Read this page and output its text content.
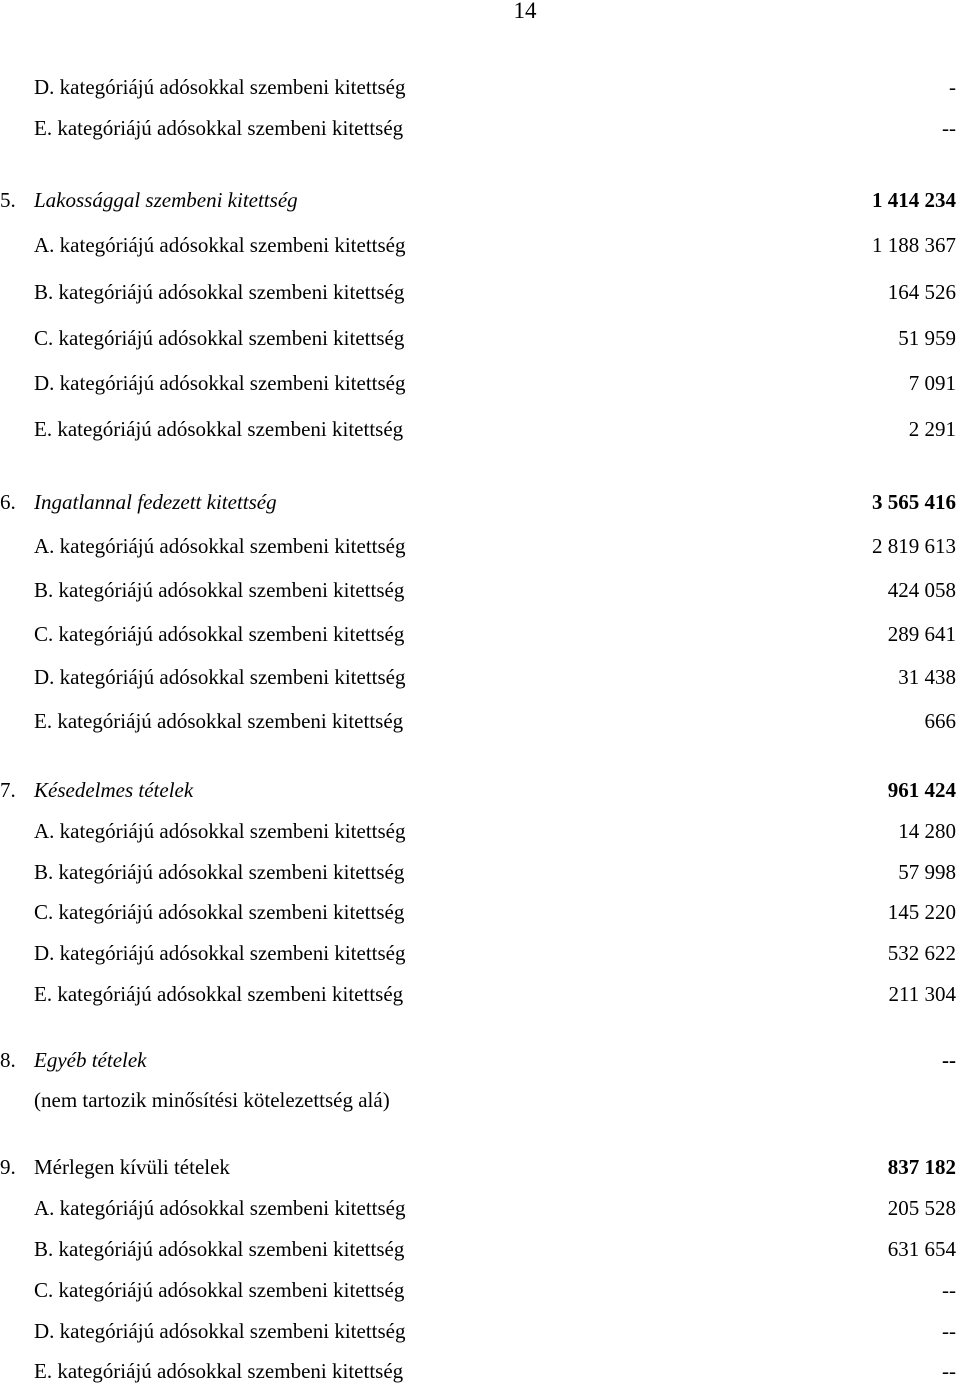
14
D. kategóriájú adósokkal szembeni kitettség	-
E. kategóriájú adósokkal szembeni kitettség	--
5. Lakossággal szembeni kitettség	1 414 234
A. kategóriájú adósokkal szembeni kitettség	1 188 367
B. kategóriájú adósokkal szembeni kitettség	164 526
C. kategóriájú adósokkal szembeni kitettség	51 959
D. kategóriájú adósokkal szembeni kitettség	7 091
E. kategóriájú adósokkal szembeni kitettség	2 291
6. Ingatlannal fedezett kitettség	3 565 416
A. kategóriájú adósokkal szembeni kitettség	2 819 613
B. kategóriájú adósokkal szembeni kitettség	424 058
C. kategóriájú adósokkal szembeni kitettség	289 641
D. kategóriájú adósokkal szembeni kitettség	31 438
E. kategóriájú adósokkal szembeni kitettség	666
7. Késedelmes tételek	961 424
A. kategóriájú adósokkal szembeni kitettség	14 280
B. kategóriájú adósokkal szembeni kitettség	57 998
C. kategóriájú adósokkal szembeni kitettség	145 220
D. kategóriájú adósokkal szembeni kitettség	532 622
E. kategóriájú adósokkal szembeni kitettség	211 304
8. Egyéb tételek	--
(nem tartozik minősítési kötelezettség alá)
9. Mérlegen kívüli tételek	837 182
A. kategóriájú adósokkal szembeni kitettség	205 528
B. kategóriájú adósokkal szembeni kitettség	631 654
C. kategóriájú adósokkal szembeni kitettség	--
D. kategóriájú adósokkal szembeni kitettség	--
E. kategóriájú adósokkal szembeni kitettség	--
